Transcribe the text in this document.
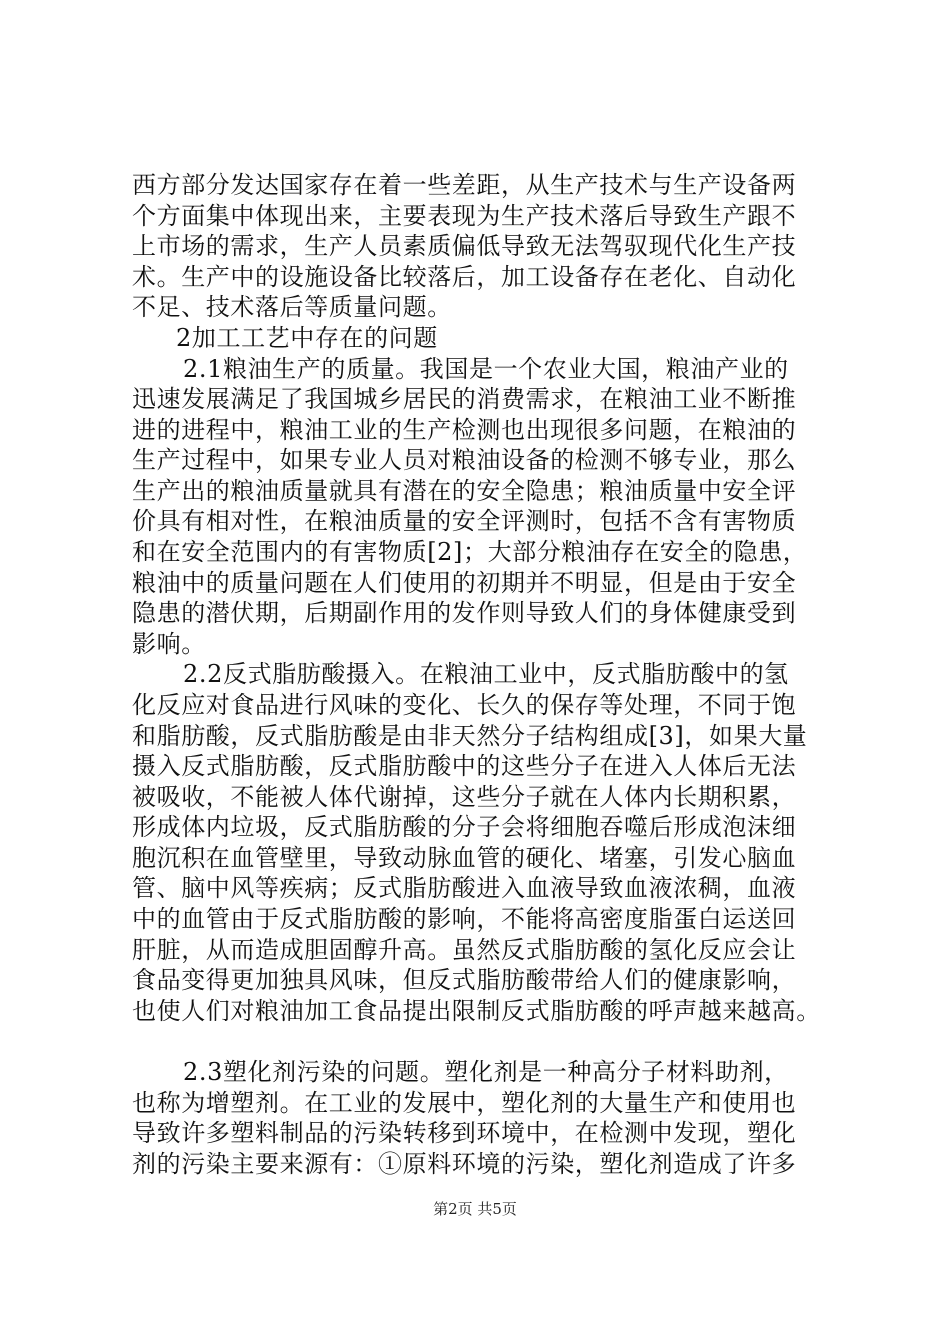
西方部分发达国家存在着一些差距，从生产技术与生产设备两
个方面集中体现出来，主要表现为生产技术落后导致生产跟不
上市场的需求，生产人员素质偏低导致无法驾驭现代化生产技
术。生产中的设施设备比较落后，加工设备存在老化、自动化
不足、技术落后等质量问题。
2加工工艺中存在的问题
2.1粮油生产的质量。我国是一个农业大国，粮油产业的
迅速发展满足了我国城乡居民的消费需求，在粮油工业不断推
进的进程中，粮油工业的生产检测也出现很多问题，在粮油的
生产过程中，如果专业人员对粮油设备的检测不够专业，那么
生产出的粮油质量就具有潜在的安全隐患；粮油质量中安全评
价具有相对性，在粮油质量的安全评测时，包括不含有害物质
和在安全范围内的有害物质[2]；大部分粮油存在安全的隐患，
粮油中的质量问题在人们使用的初期并不明显，但是由于安全
隐患的潜伏期，后期副作用的发作则导致人们的身体健康受到
影响。
2.2反式脂肪酸摄入。在粮油工业中，反式脂肪酸中的氢
化反应对食品进行风味的变化、长久的保存等处理，不同于饱
和脂肪酸，反式脂肪酸是由非天然分子结构组成[3]，如果大量
摄入反式脂肪酸，反式脂肪酸中的这些分子在进入人体后无法
被吸收，不能被人体代谢掉，这些分子就在人体内长期积累，
形成体内垃圾，反式脂肪酸的分子会将细胞吞噬后形成泡沫细
胞沉积在血管壁里，导致动脉血管的硬化、堵塞，引发心脑血
管、脑中风等疾病；反式脂肪酸进入血液导致血液浓稠，血液
中的血管由于反式脂肪酸的影响，不能将高密度脂蛋白运送回
肝脏，从而造成胆固醇升高。虽然反式脂肪酸的氢化反应会让
食品变得更加独具风味，但反式脂肪酸带给人们的健康影响，
也使人们对粮油加工食品提出限制反式脂肪酸的呼声越来越高。
2.3塑化剂污染的问题。塑化剂是一种高分子材料助剂，
也称为增塑剂。在工业的发展中，塑化剂的大量生产和使用也
导致许多塑料制品的污染转移到环境中，在检测中发现，塑化
剂的污染主要来源有：①原料环境的污染，塑化剂造成了许多
第2页 共5页
